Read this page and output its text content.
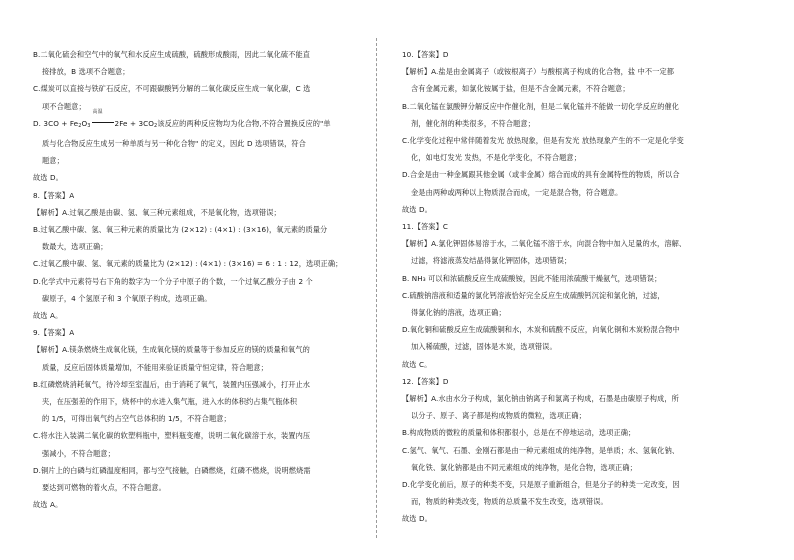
B.二氧化硫会和空气中的氧气和水反应生成硫酸，硫酸形成酸雨，因此二氧化硫不能直
接排放，B 选项不合题意；
C.煤炭可以直接与铁矿石反应，不可跟碳酸钙分解的二氧化碳反应生成一氧化碳，C 选
项不合题意；
D. $3CO + Fe_2O_3$
高温
$2Fe + 3CO_2$该反应的两种反应物均为化合物,不符合置换反应的"单
质与化合物反应生成另一种单质与另一种化合物" 的定义，因此 D 选项错误，符合
题意；
故选 D。
8.【答案】A
【解析】A.过氧乙酸是由碳、氢、氧三种元素组成，不是氧化物，选项错误；
B.过氧乙酸中碳、氢、氧三种元素的质量比为 (2×12) : (4×1) : (3×16)，氧元素的质量分
数最大，选项正确；
C.过氧乙酸中碳、氢、氧元素的质量比为 (2×12) : (4×1) : (3×16) = 6 : 1 : 12，选项正确；
D.化学式中元素符号右下角的数字为一个分子中原子的个数，一个过氧乙酸分子由 2 个
碳原子，4 个氢原子和 3 个氧原子构成，选项正确。
故选 A。
9.【答案】A
【解析】A.镁条燃烧生成氧化镁，生成氧化镁的质量等于参加反应的镁的质量和氧气的
质量，反应后固体质量增加，不能用来验证质量守恒定律，符合题意；
B.红磷燃烧消耗氧气，待冷却至室温后，由于消耗了氧气，装置内压强减小，打开止水
夹，在压强差的作用下，烧杯中的水进入集气瓶，进入水的体积约占集气瓶体积
的 1/5，可得出氧气约占空气总体积的 1/5，不符合题意；
C.将水注入装满二氧化碳的软塑料瓶中，塑料瓶变瘪，说明二氧化碳溶于水，装置内压
强减小，不符合题意；
D.铜片上的白磷与红磷温度相同，都与空气接触，白磷燃烧，红磷不燃烧，说明燃烧需
要达到可燃物的着火点，不符合题意。
故选 A。
10.【答案】D
【解析】A.盐是由金属离子（或铵根离子）与酸根离子构成的化合物，盐 中不一定都
含有金属元素，如氯化铵属于盐，但是不含金属元素，不符合题意；
B.二氧化锰在氯酸钾分解反应中作催化剂，但是二氧化锰并不能做一切化学反应的催化
剂，催化剂的种类很多，不符合题意；
C.化学变化过程中常伴随着发光 放热现象，但是有发光 放热现象产生的不一定是化学变
化，如电灯发光 发热，不是化学变化，不符合题意；
D.合金是由一种金属跟其他金属（或非金属）熔合而成的具有金属特性的物质，所以合
金是由两种或两种以上物质混合而成，一定是混合物，符合题意。
故选 D。
11.【答案】C
【解析】A.氯化钾固体易溶于水，二氧化锰不溶于水，向混合物中加入足量的水，溶解、
过滤，将滤液蒸发结晶得氯化钾固体，选项错误；
B. NH₃ 可以和浓硫酸反应生成硫酸铵，因此不能用浓硫酸干燥氨气，选项错误；
C.硫酸钠溶液和适量的氯化钙溶液恰好完全反应生成硫酸钙沉淀和氯化钠，过滤，
得氯化钠的溶液，选项正确；
D.氧化铜和硫酸反应生成硫酸铜和水，木炭和硫酸不反应，向氧化铜和木炭粉混合物中
加入稀硫酸，过滤，固体是木炭，选项错误。
故选 C。
12.【答案】D
【解析】A.水由水分子构成，氯化钠由钠离子和氯离子构成，石墨是由碳原子构成，所
以分子、原子、离子都是构成物质的微粒，选项正确；
B.构成物质的微粒的质量和体积都很小，总是在不停地运动，选项正确；
C.氢气、氧气、石墨、金刚石都是由一种元素组成的纯净物，是单质；水、氢氧化钠、
氧化铁、氯化钠都是由不同元素组成的纯净物，是化合物，选项正确；
D.化学变化前后，原子的种类不变，只是原子重新组合，但是分子的种类一定改变，因
而，物质的种类改变，物质的总质量不发生改变，选项错误。
故选 D。
